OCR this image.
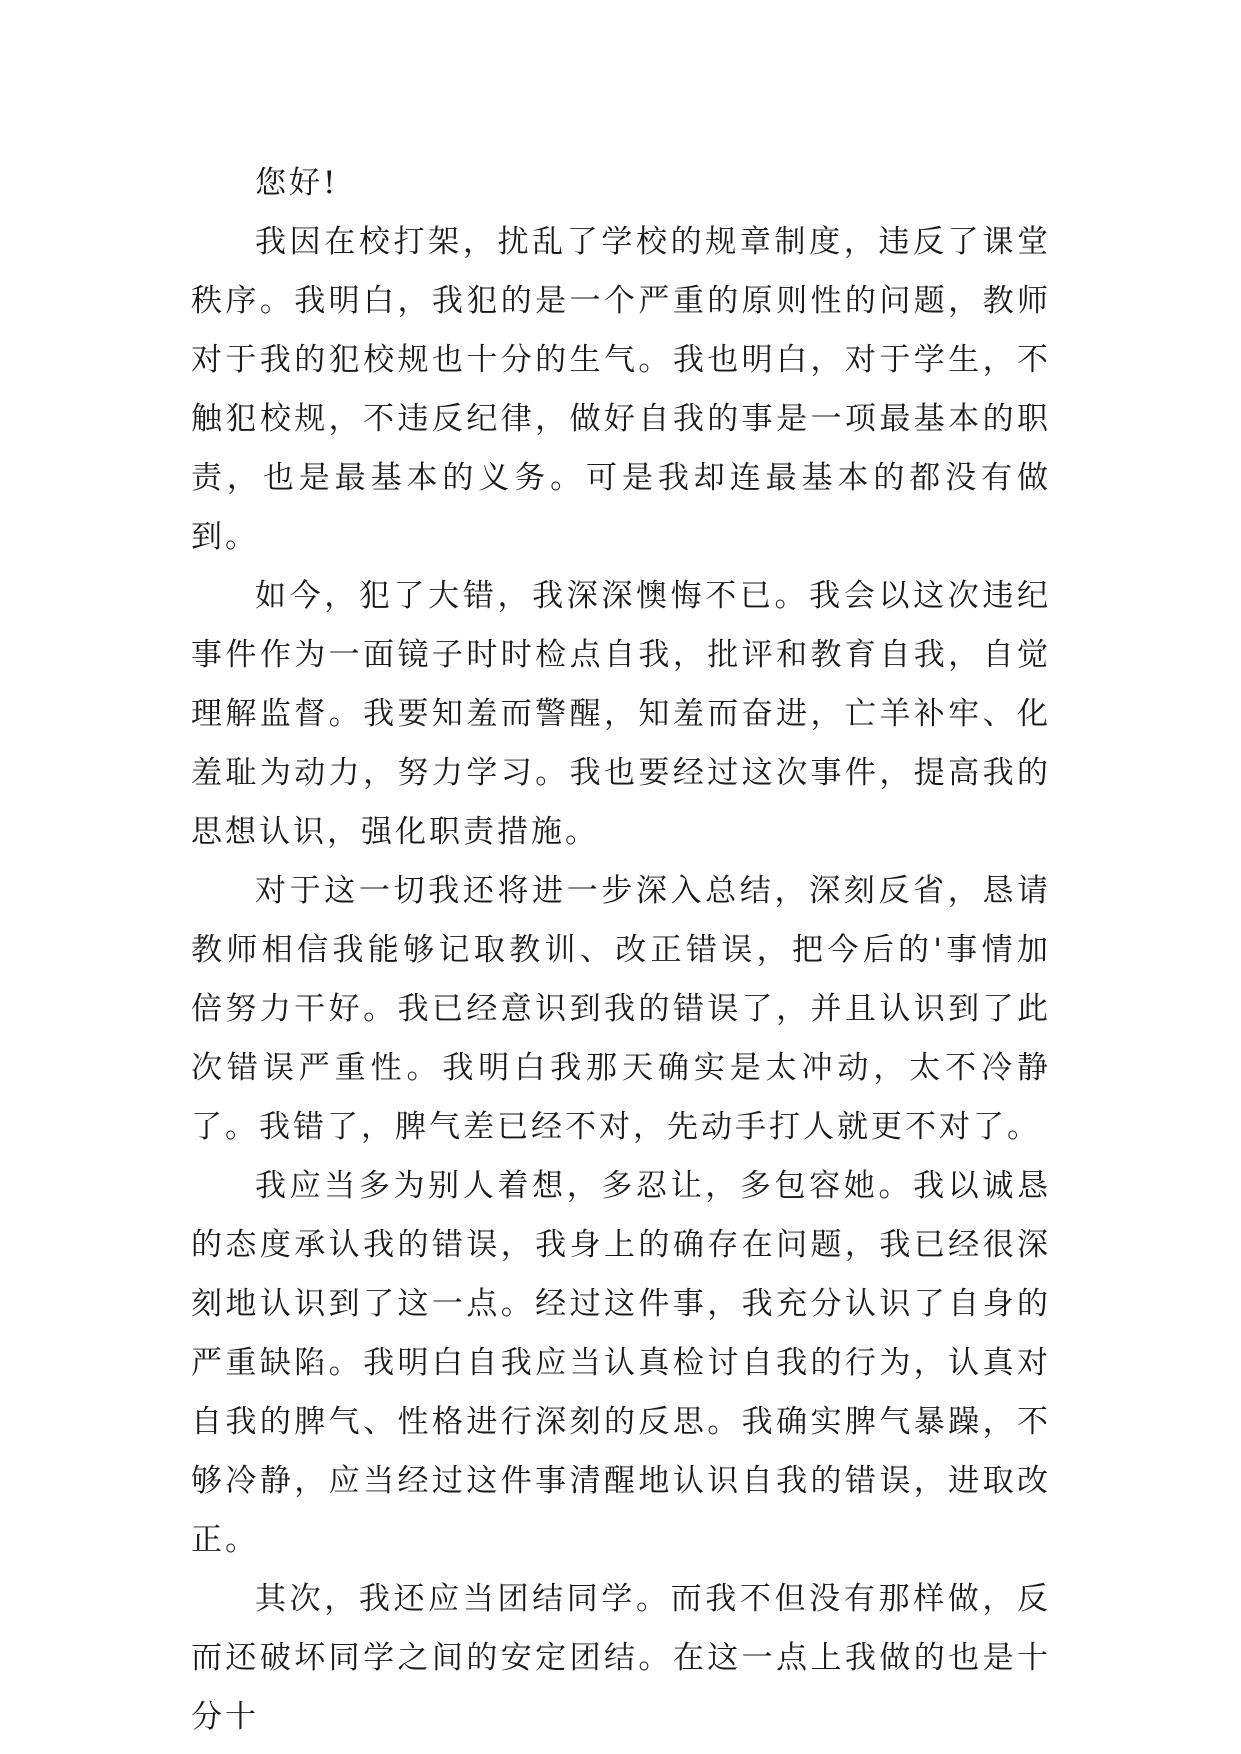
您好!

我因在校打架，扰乱了学校的规章制度，违反了课堂秩序。我明白，我犯的是一个严重的原则性的问题，教师对于我的犯校规也十分的生气。我也明白，对于学生，不触犯校规，不违反纪律，做好自我的事是一项最基本的职责，也是最基本的义务。可是我却连最基本的都没有做到。

如今，犯了大错，我深深懊悔不已。我会以这次违纪事件作为一面镜子时时检点自我，批评和教育自我，自觉理解监督。我要知羞而警醒，知羞而奋进，亡羊补牢、化羞耻为动力，努力学习。我也要经过这次事件，提高我的思想认识，强化职责措施。

对于这一切我还将进一步深入总结，深刻反省，恳请教师相信我能够记取教训、改正错误，把今后的'事情加倍努力干好。我已经意识到我的错误了，并且认识到了此次错误严重性。我明白我那天确实是太冲动，太不冷静了。我错了，脾气差已经不对，先动手打人就更不对了。

我应当多为别人着想，多忍让，多包容她。我以诚恳的态度承认我的错误，我身上的确存在问题，我已经很深刻地认识到了这一点。经过这件事，我充分认识了自身的严重缺陷。我明白自我应当认真检讨自我的行为，认真对自我的脾气、性格进行深刻的反思。我确实脾气暴躁，不够冷静，应当经过这件事清醒地认识自我的错误，进取改正。

其次，我还应当团结同学。而我不但没有那样做，反而还破坏同学之间的安定团结。在这一点上我做的也是十分十
